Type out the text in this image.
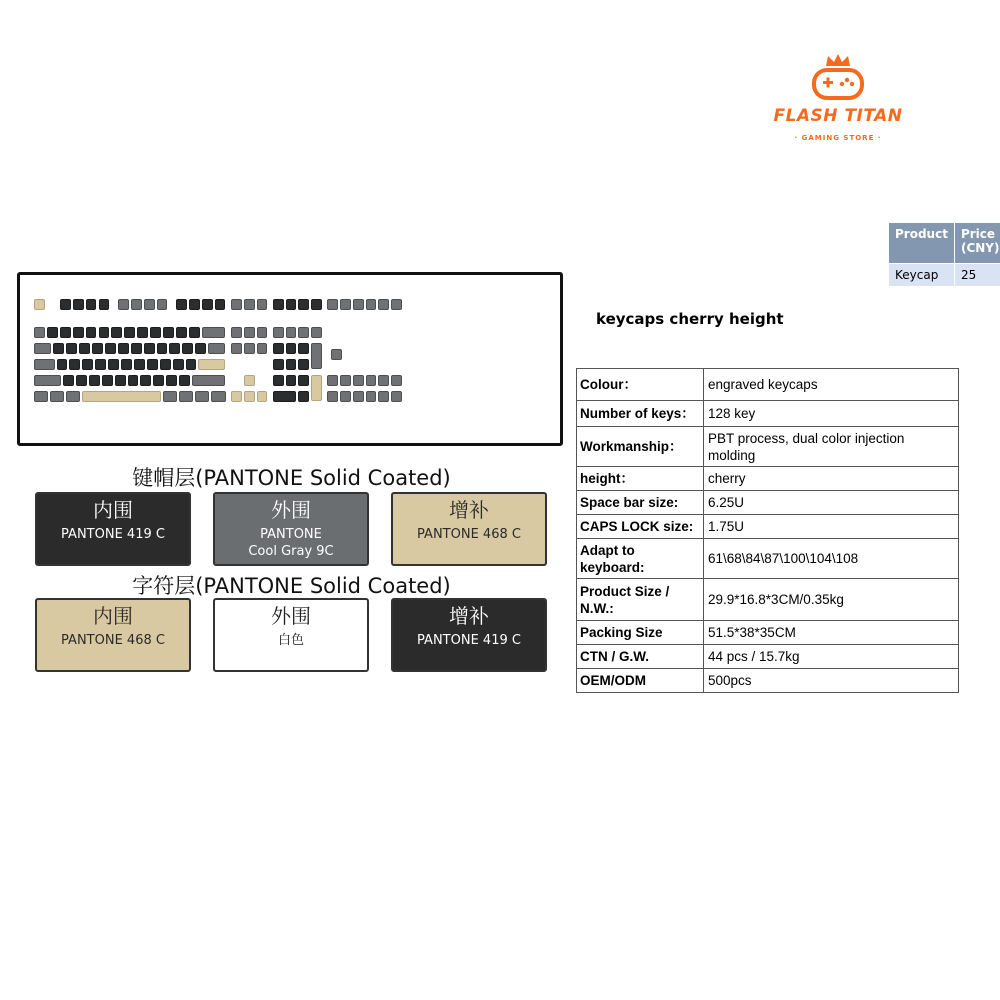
FLASH TITAN
· GAMING STORE ·
Product	Price (CNY)
Keycap	25
keycaps cherry height
键帽层(PANTONE Solid Coated)
内围
PANTONE 419 C
外围
PANTONE
Cool Gray 9C
增补
PANTONE 468 C
字符层(PANTONE Solid Coated)
内围
PANTONE 468 C
外围
白色
增补
PANTONE 419 C
Colour：	engraved keycaps
Number of keys：	128 key
Workmanship：	PBT process, dual color injection molding
height：	cherry
Space bar size:	6.25U
CAPS LOCK size:	1.75U
Adapt to keyboard:	61\68\84\87\100\104\108
Product Size / N.W.:	29.9*16.8*3CM/0.35kg
Packing Size	51.5*38*35CM
CTN / G.W.	44 pcs / 15.7kg
OEM/ODM	500pcs
